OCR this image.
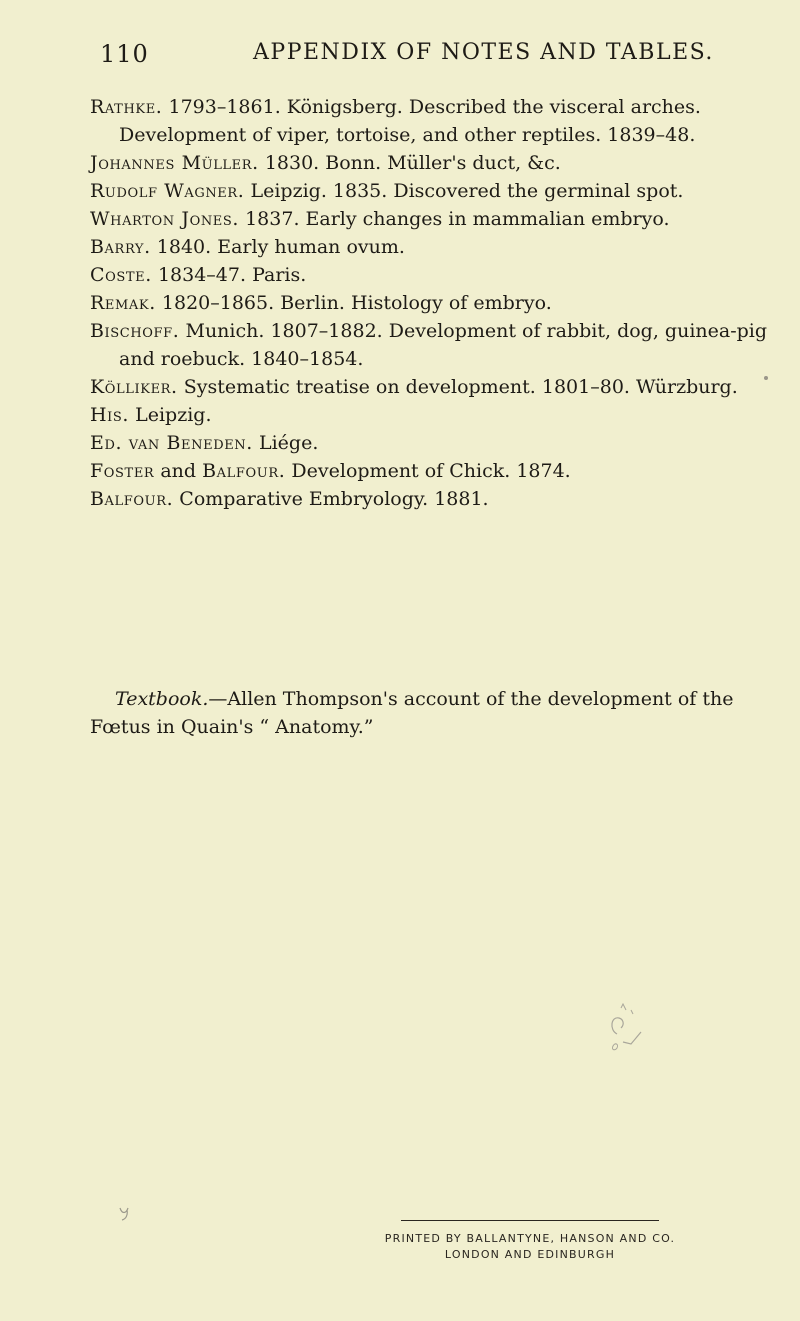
110	APPENDIX OF NOTES AND TABLES.
Rathke. 1793–1861. Königsberg. Described the visceral arches. Development of viper, tortoise, and other reptiles. 1839–48.
Johannes Müller. 1830. Bonn. Müller's duct, &c.
Rudolf Wagner. Leipzig. 1835. Discovered the germinal spot.
Wharton Jones. 1837. Early changes in mammalian embryo.
Barry. 1840. Early human ovum.
Coste. 1834–47. Paris.
Remak. 1820–1865. Berlin. Histology of embryo.
Bischoff. Munich. 1807–1882. Development of rabbit, dog, guinea-pig and roebuck. 1840–1854.
Kölliker. Systematic treatise on development. 1801–80. Würzburg.
His. Leipzig.
Ed. van Beneden. Liége.
Foster and Balfour. Development of Chick. 1874.
Balfour. Comparative Embryology. 1881.

Textbook.—Allen Thompson's account of the development of the Fœtus in Quain's “ Anatomy.”

PRINTED BY BALLANTYNE, HANSON AND CO.
LONDON AND EDINBURGH
